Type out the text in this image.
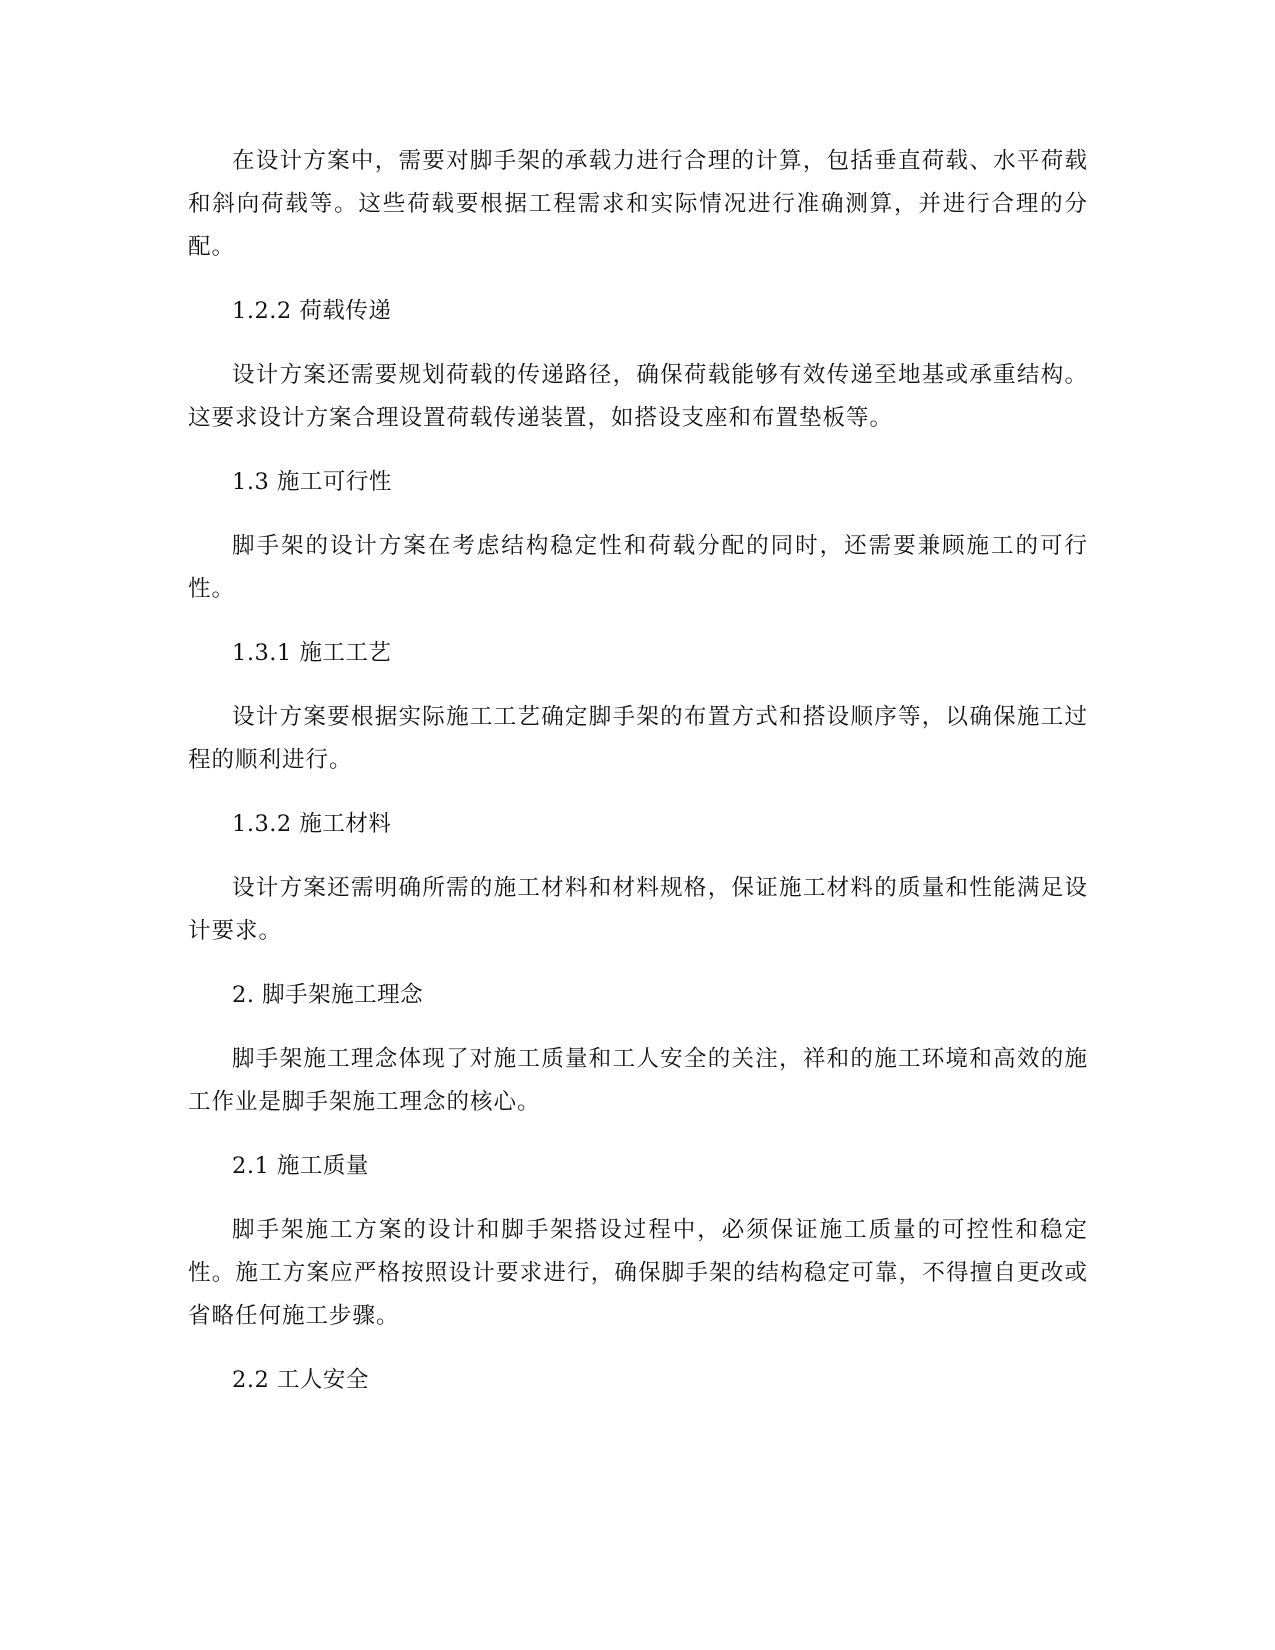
在设计方案中，需要对脚手架的承载力进行合理的计算，包括垂直荷载、水平荷载和斜向荷载等。这些荷载要根据工程需求和实际情况进行准确测算，并进行合理的分配。

1.2.2 荷载传递

设计方案还需要规划荷载的传递路径，确保荷载能够有效传递至地基或承重结构。这要求设计方案合理设置荷载传递装置，如搭设支座和布置垫板等。

1.3 施工可行性

脚手架的设计方案在考虑结构稳定性和荷载分配的同时，还需要兼顾施工的可行性。

1.3.1 施工工艺

设计方案要根据实际施工工艺确定脚手架的布置方式和搭设顺序等，以确保施工过程的顺利进行。

1.3.2 施工材料

设计方案还需明确所需的施工材料和材料规格，保证施工材料的质量和性能满足设计要求。

2. 脚手架施工理念

脚手架施工理念体现了对施工质量和工人安全的关注，祥和的施工环境和高效的施工作业是脚手架施工理念的核心。

2.1 施工质量

脚手架施工方案的设计和脚手架搭设过程中，必须保证施工质量的可控性和稳定性。施工方案应严格按照设计要求进行，确保脚手架的结构稳定可靠，不得擅自更改或省略任何施工步骤。

2.2 工人安全
